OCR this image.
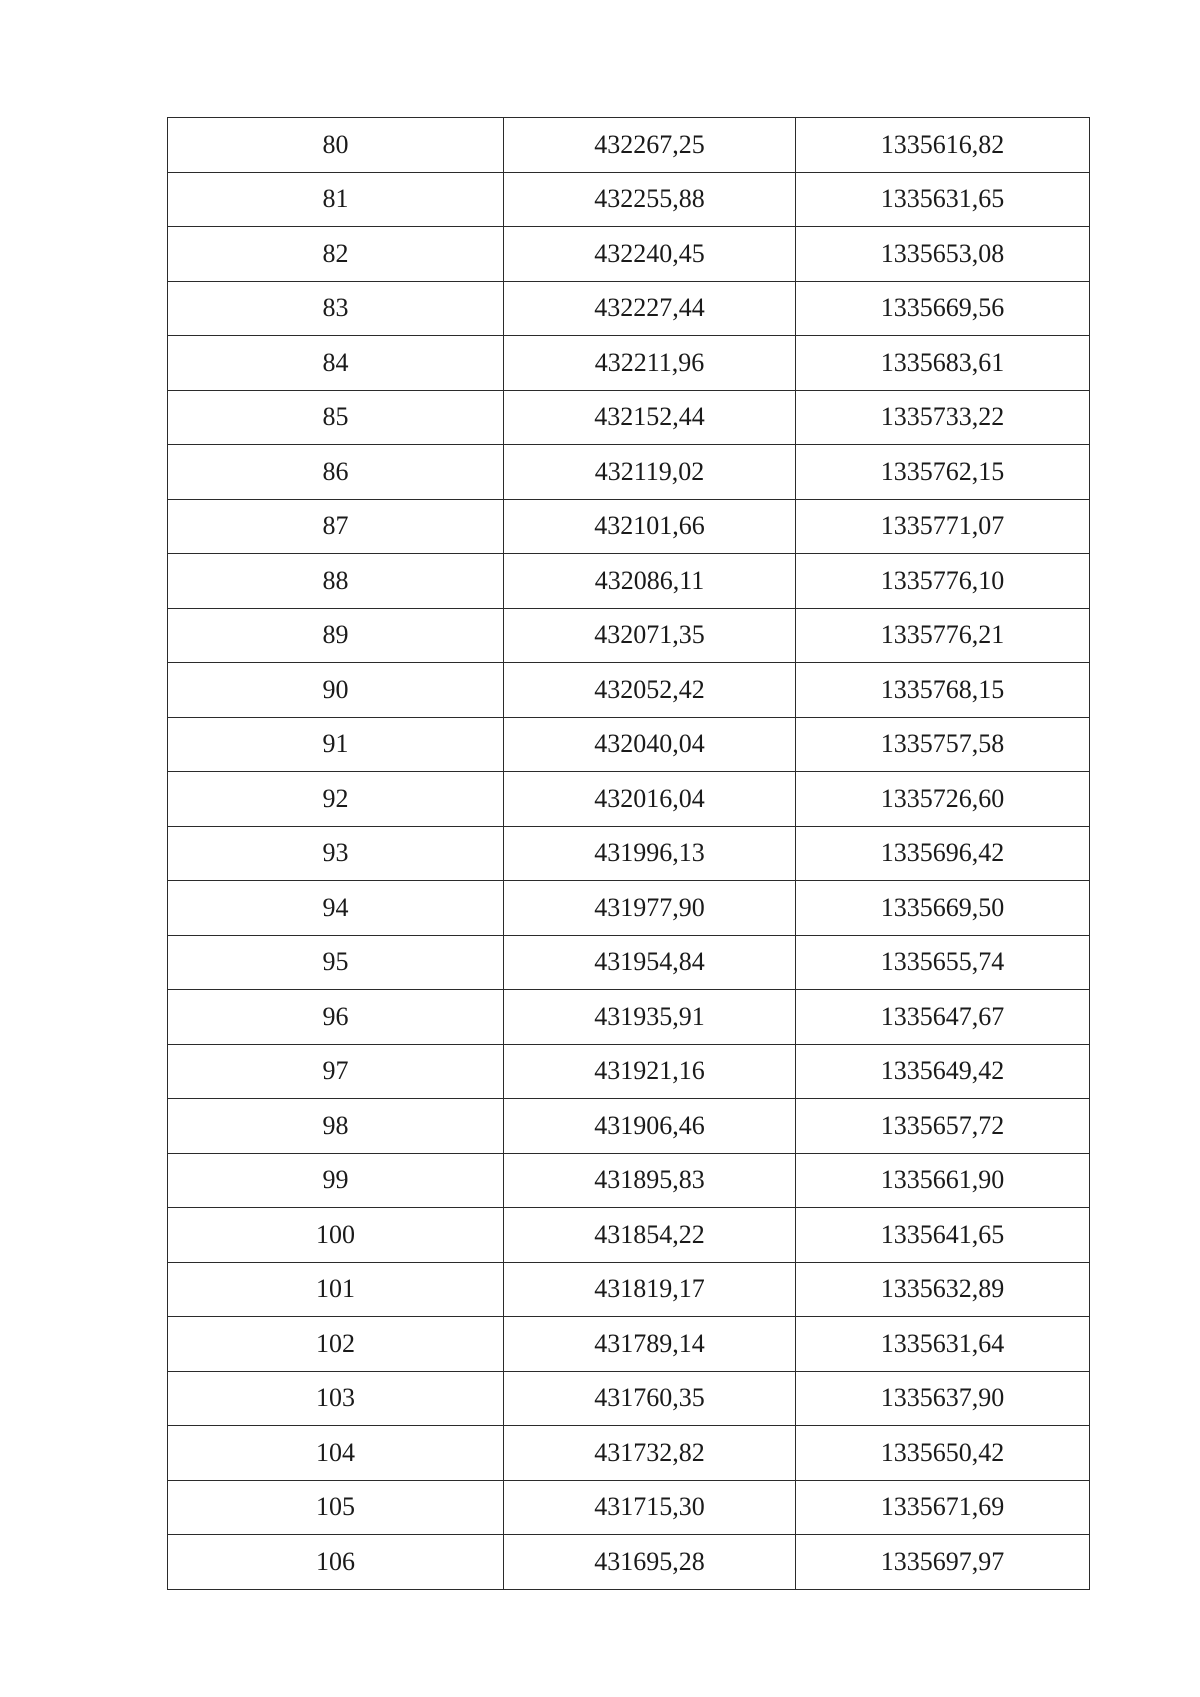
80	432267,25	1335616,82
81	432255,88	1335631,65
82	432240,45	1335653,08
83	432227,44	1335669,56
84	432211,96	1335683,61
85	432152,44	1335733,22
86	432119,02	1335762,15
87	432101,66	1335771,07
88	432086,11	1335776,10
89	432071,35	1335776,21
90	432052,42	1335768,15
91	432040,04	1335757,58
92	432016,04	1335726,60
93	431996,13	1335696,42
94	431977,90	1335669,50
95	431954,84	1335655,74
96	431935,91	1335647,67
97	431921,16	1335649,42
98	431906,46	1335657,72
99	431895,83	1335661,90
100	431854,22	1335641,65
101	431819,17	1335632,89
102	431789,14	1335631,64
103	431760,35	1335637,90
104	431732,82	1335650,42
105	431715,30	1335671,69
106	431695,28	1335697,97
